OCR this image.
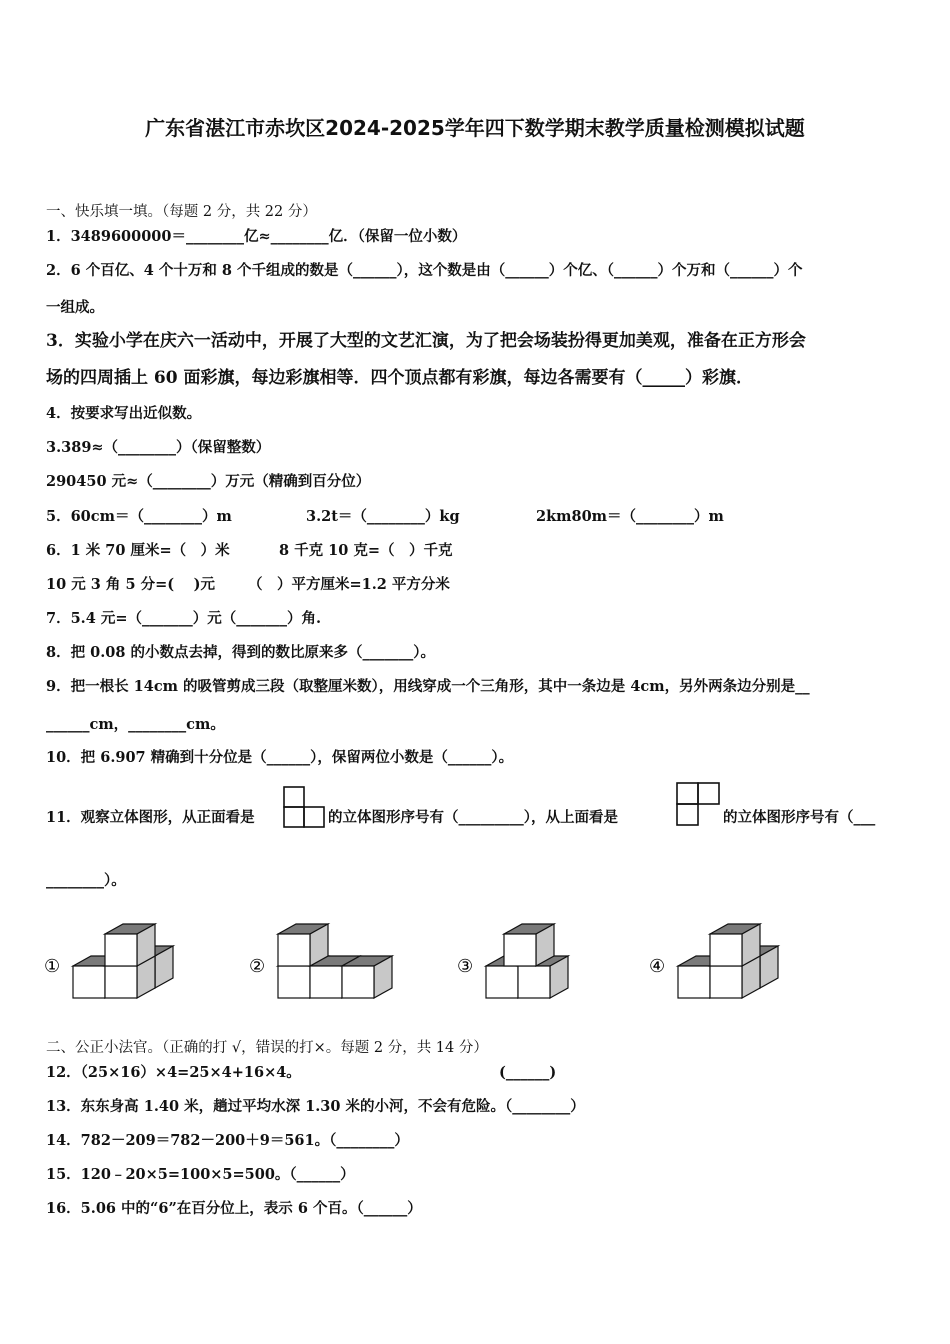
广东省湛江市赤坎区2024-2025学年四下数学期末教学质量检测模拟试题
一、快乐填一填。（每题 2 分，共 22 分）
1．3489600000＝________亿≈________亿．（保留一位小数）
2．6 个百亿、4 个十万和 8 个千组成的数是（______），这个数是由（______）个亿、（______）个万和（______）个
一组成。
3．实验小学在庆六一活动中，开展了大型的文艺汇演，为了把会场装扮得更加美观，准备在正方形会
场的四周插上 60 面彩旗，每边彩旗相等．四个顶点都有彩旗，每边各需要有（_____）彩旗．
4．按要求写出近似数。
3.389≈（________）（保留整数）
290450 元≈（________）万元（精确到百分位）
5．60cm＝（________）m	3.2t＝（________）kg	2km80m＝（________）m
6．1 米 70 厘米=（　）米	8 千克 10 克=（　）千克
10 元 3 角 5 分=(　 )元 （　）平方厘米=1.2 平方分米
7．5.4 元=（_______）元（_______）角.
8．把 0.08 的小数点去掉，得到的数比原来多（_______）。
9．把一根长 14cm 的吸管剪成三段（取整厘米数），用线穿成一个三角形，其中一条边是 4cm，另外两条边分别是__
______cm，________cm。
10．把 6.907 精确到十分位是（______），保留两位小数是（______）。
11．观察立体图形，从正面看是	的立体图形序号有（_________），从上面看是	的立体图形序号有（___
________）。
①	②	③	④
二、公正小法官。（正确的打 √，错误的打×。每题 2 分，共 14 分）
12．（25×16）×4=25×4+16×4。	(______)
13．东东身高 1.40 米，趟过平均水深 1.30 米的小河，不会有危险。（________）
14．782－209＝782－200＋9＝561。（________）
15．120﹣20×5=100×5=500。（______）
16．5.06 中的“6”在百分位上，表示 6 个百。（______）
